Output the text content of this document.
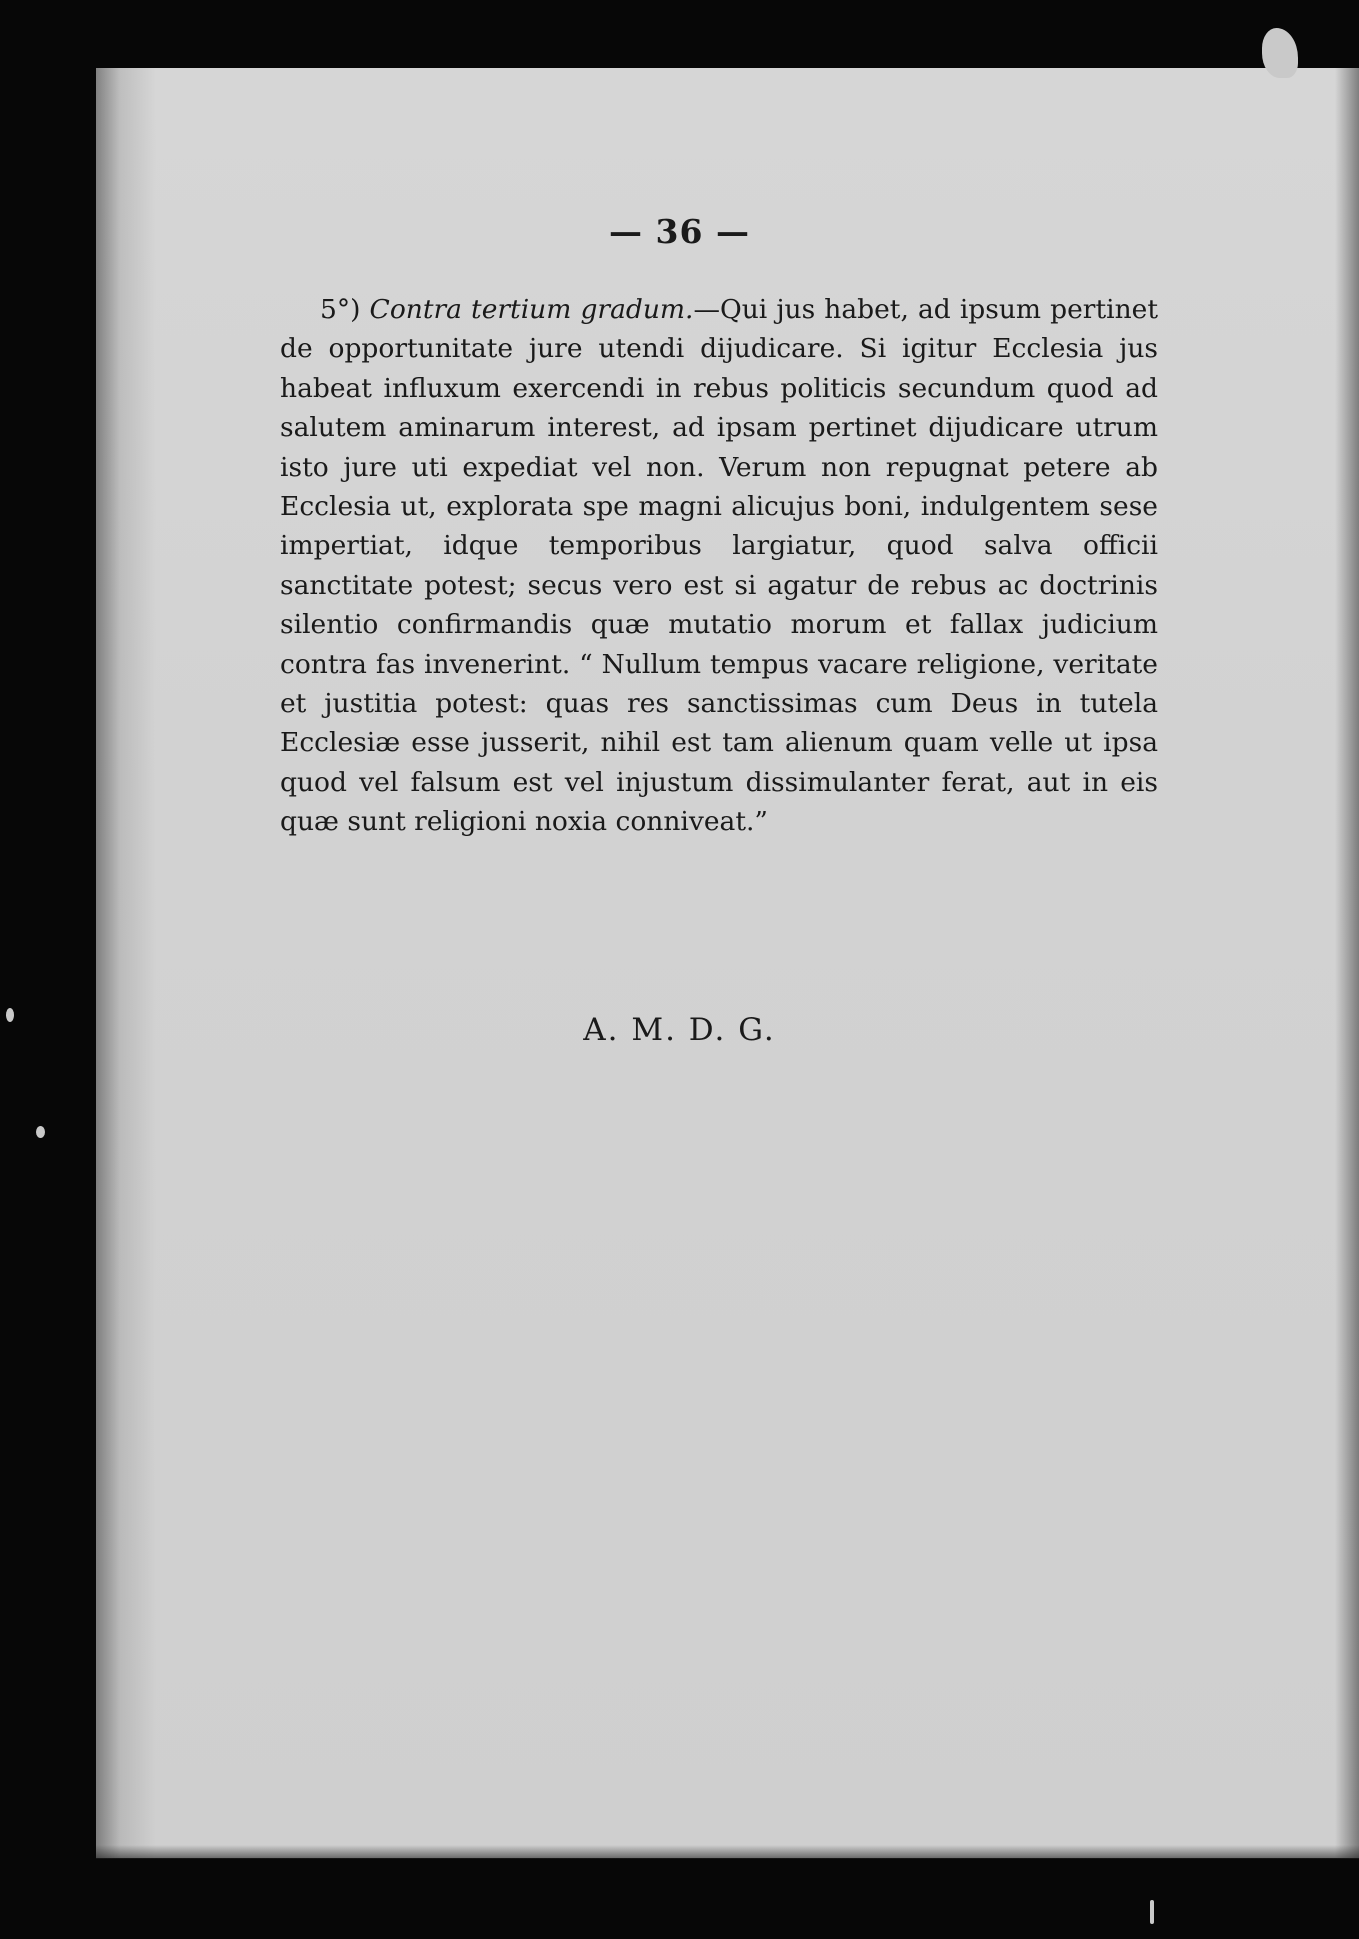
— 36 —
5°) Contra tertium gradum.—Qui jus habet, ad ipsum pertinet de opportunitate jure utendi dijudicare. Si igitur Ecclesia jus habeat influxum exercendi in rebus politicis secundum quod ad salutem aminarum interest, ad ipsam pertinet dijudicare utrum isto jure uti expediat vel non. Verum non repugnat petere ab Ecclesia ut, explorata spe magni alicujus boni, indulgentem sese impertiat, idque temporibus largiatur, quod salva officii sanctitate potest; secus vero est si agatur de rebus ac doctrinis silentio confirmandis quæ mutatio morum et fallax judicium contra fas invenerint. “ Nullum tempus vacare religione, veritate et justitia potest: quas res sanctissimas cum Deus in tutela Ecclesiæ esse jusserit, nihil est tam alienum quam velle ut ipsa quod vel falsum est vel injustum dissimulanter ferat, aut in eis quæ sunt religioni noxia conniveat.”
A. M. D. G.
